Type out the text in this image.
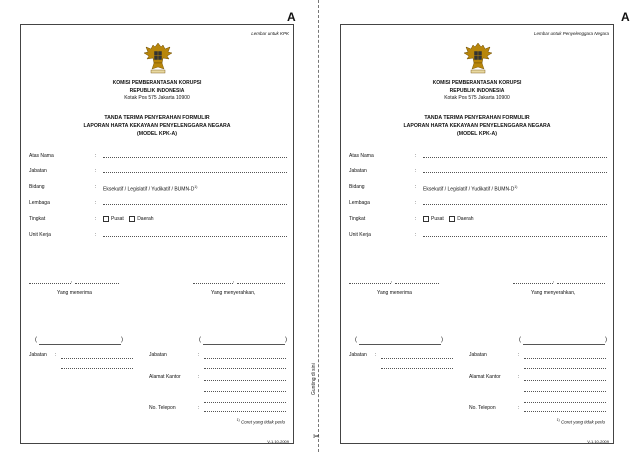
A	A
Lembar untuk KPK
KOMISI PEMBERANTASAN KORUPSI
REPUBLIK INDONESIA
Kotak Pos 575 Jakarta 10900
TANDA TERIMA PENYERAHAN FORMULIR
LAPORAN HARTA KEKAYAAN PENYELENGGARA NEGARA
(MODEL KPK-A)
Atas Nama	:
Jabatan	:
Bidang	: Eksekutif / Legislatif / Yudikatif / BUMN-$D^{1)}$
Lembaga	:
Tingkat	:	Pusat	Daerah
Unit Kerja	:
,	,
Yang menerima	Yang menyerahkan,
(	)	(	)
Jabatan :	Jabatan	:
Alamat Kantor	:
No. Telepon	:
$^{1)}$ Coret yang tidak perlu
V-1.10-2009
Lembar untuk Penyelenggara Negara
KOMISI PEMBERANTASAN KORUPSI
REPUBLIK INDONESIA
Kotak Pos 575 Jakarta 10900
TANDA TERIMA PENYERAHAN FORMULIR
LAPORAN HARTA KEKAYAAN PENYELENGGARA NEGARA
(MODEL KPK-A)
Atas Nama	:
Jabatan	:
Bidang	: Eksekutif / Legislatif / Yudikatif / BUMN-$D^{1)}$
Lembaga	:
Tingkat	:	Pusat	Daerah
Unit Kerja	:
,	,
Yang menerima	Yang menyerahkan,
(	)	(	)
Jabatan :	Jabatan	:
Alamat Kantor	:
No. Telepon	:
$^{1)}$ Coret yang tidak perlu
V-1.10-2009
Gunting di sini
✂
